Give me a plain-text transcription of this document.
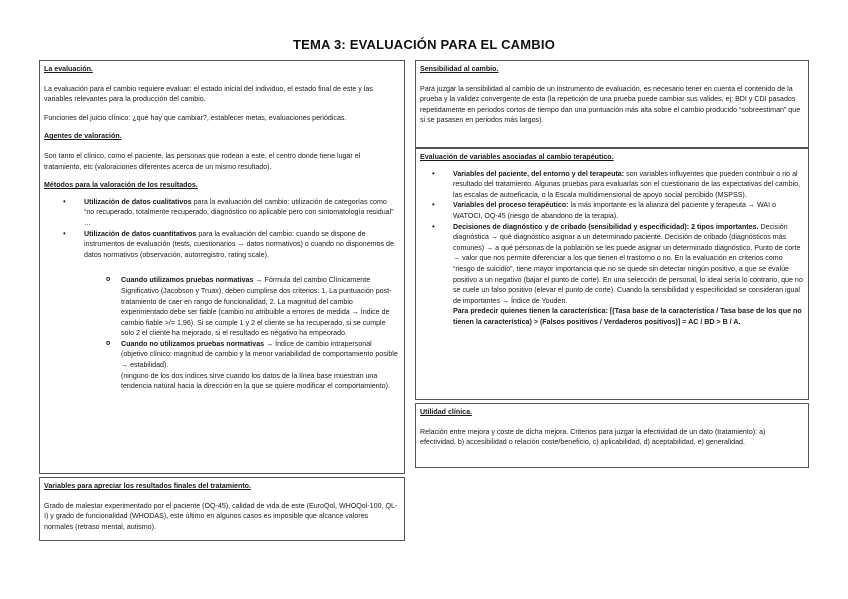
TEMA 3: EVALUACIÓN PARA EL CAMBIO
La evaluación.
La evaluación para el cambio requiere evaluar: el estado inicial del individuo, el estado final de este y las variables relevantes para la producción del cambio.
Funciones del juicio clínico: ¿qué hay que cambiar?, establecer metas, evaluaciones periódicas.
Agentes de valoración.
Son tanto el clínico, como el paciente, las personas que rodean a este, el centro donde tiene lugar el tratamiento, etc (valoraciones diferentes acerca de un mismo resultado).
Métodos para la valoración de los resultados.
• Utilización de datos cualitativos para la evaluación del cambio: utilización de categorías como “no recuperado, totalmente recuperado, diagnóstico no aplicable pero con sintomatología residual” …
• Utilización de datos cuantitativos para la evaluación del cambio: cuando se dispone de instrumentos de evaluación (tests, cuestionarios → datos normativos) o cuando no disponemos de datos normativos (observación, autorregistro, rating scale).
o Cuando utilizamos pruebas normativas → Fórmula del cambio Clínicamente Significativo (Jacobson y Truax), deben cumplirse dos criterios: 1. La puntuación post-tratamiento de caer en rango de funcionalidad, 2. La magnitud del cambio experimentado debe ser fiable (cambio no atribuible a errores de medida → Índice de cambio fiable >/= 1,96). Si se cumple 1 y 2 el cliente se ha recuperado, si se cumple solo 2 el cliente ha mejorado, si el resultado es negativo ha empeorado.
o Cuando no utilizamos pruebas normativas → Índice de cambio intrapersonal (objetivo clínico: magnitud de cambio y la menor variabilidad de comportamiento posible → estabilidad).
(ninguno de los dos índices sirve cuando los datos de la línea base muestran una tendencia natural hacia la dirección en la que se quiere modificar el comportamiento).
Variables para apreciar los resultados finales del tratamiento.
Grado de malestar experimentado por el paciente (OQ-45), calidad de vida de este (EuroQol, WHOQol-100, QL-I) y grado de funcionalidad (WHODAS), este último en algunos casos es imposible que alcance valores normales (retraso mental, autismo).
Sensibilidad al cambio.
Para juzgar la sensibilidad al cambio de un instrumento de evaluación, es necesario tener en cuenta el contenido de la prueba y la validez convergente de esta (la repetición de una prueba puede cambiar sus valides, ej: BDI y CDI pasados repetidamente en periodos cortos de tiempo dan una puntuación más alta sobre el cambio producido “sobreestiman” que si se pasasen en periodos más largos).
Evaluación de variables asociadas al cambio terapéutico.
• Variables del paciente, del entorno y del terapeuta: son variables influyentes que pueden contribuir o no al resultado del tratamiento. Algunas pruebas para evaluarlas son el cuestionario de las expectativas del cambio, las escalas de autoeficacia, o la Escala multidimensional de apoyo social percibido (MSPSS).
• Variables del proceso terapéutico: la más importante es la alianza del paciente y terapeuta → WAI o WATOCI, OQ-45 (riesgo de abandono de la terapia).
• Decisiones de diagnóstico y de cribado (sensibilidad y especificidad): 2 tipos importantes. Decisión diagnóstica → qué diagnóstico asignar a un determinado paciente. Decisión de cribado (diagnósticos más comunes) → a qué personas de la población se les puede asignar un determinado diagnóstico. Punto de corte → valor que nos permite diferenciar a los que tienen el trastorno o no. En la evaluación en criterios como “riesgo de suicidio”, tiene mayor importancia que no se quede sin detectar ningún positivo, a que se evalúe positivo a un negativo (bajar el punto de corte). En una selección de personal, lo ideal sería lo contrario, que no se cuele un falso positivo (elevar el punto de corte). Cuando la sensibilidad y especificidad se consideran igual de importantes → Índice de Youden.
Para predecir quienes tienen la característica: [(Tasa base de la característica / Tasa base de los que no tienen la característica) > (Falsos positivos / Verdaderos positivos)] = AC / BD > B / A.
Utilidad clínica.
Relación entre mejora y coste de dicha mejora. Criterios para juzgar la efectividad de un dato (tratamiento): a) efectividad, b) accesibilidad o relación coste/beneficio, c) aplicabilidad, d) aceptabilidad, e) generalidad.
